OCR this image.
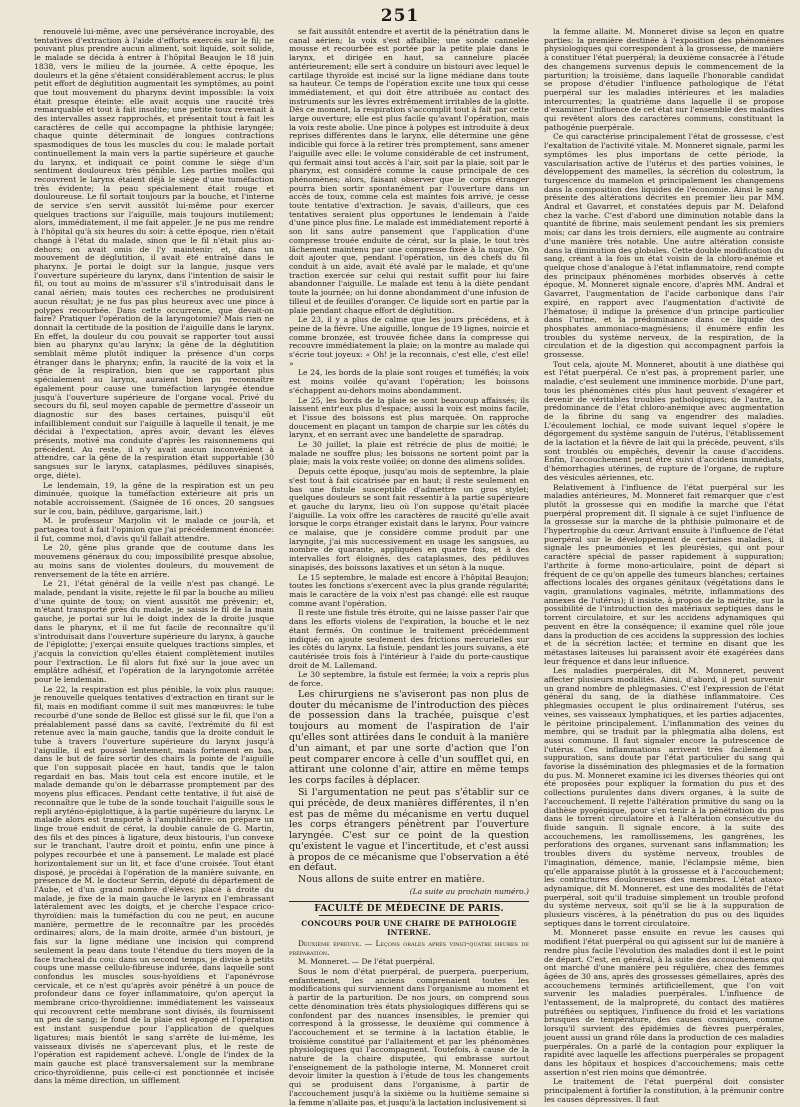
251

renouvelé lui-même, avec une persévérance incroyable, des tentatives d'extraction à l'aide d'efforts exercés sur le fil; ne pouvant plus prendre aucun aliment, soit liquide, soit solide, le malade se décida à entrer à l'hôpital Beaujon le 18 juin 1838, vers le milieu de la journée. A cette époque, les douleurs et la gêne s'étaient considérablement accrus; le plus petit effort de déglutition augmentait les symptômes, au point que tout mouvement du pharynx devint impossible: la voix était presque éteinte: elle avait acquis une raucité très remarquable et tout à fait insolite; une petite toux revenait à des intervalles assez rapprochés, et présentait tout à fait les caractères de celle qui accompagne la phthisie laryngée; chaque quinte déterminait de longues contractions spasmodiques de tous les muscles du cou: le malade portait continuellement la main vers la partie supérieure et gauche du larynx, et indiquait ce point comme le siège d'un sentiment douloureux très pénible. Les parties molles qui recouvrent le larynx étaient déjà le siège d'une tuméfaction très évidente; la peau spécialement était rouge et douloureuse. Le fil sortait toujours par la bouche, et l'interne de service s'en servit aussitôt lui-même pour exercer quelques tractions sur l'aiguille, mais toujours inutilement; alors, immédiatement, il me fait appeler. Je ne pus me rendre à l'hôpital qu'à six heures du soir: à cette époque, rien n'était changé à l'état du malade, sinon que le fil n'était plus au-dehors; on avait omis de l'y maintenir; et, dans un mouvement de déglutition, il avait été entraîné dans le pharynx. Je portai le doigt sur la langue, jusque vers l'ouverture supérieure du larynx, dans l'intention de saisir le fil, ou tout au moins de m'assurer s'il s'introduisait dans le canal aérien; mais toutes ces recherches ne produisirent aucun résultat; je ne fus pas plus heureux avec une pince à polypes recourbée. Dans cette occurrence, que devait-on faire? Pratiquer l'opération de la laryngotomie? Mais rien ne donnait la certitude de la position de l'aiguille dans le larynx. En effet, la douleur du cou pouvait se rapporter tout aussi bien au pharynx qu'au larynx; la gêne de la déglutition semblait même plutôt indiquer la présence d'un corps étranger dans le pharynx; enfin, la raucité de la voix et la gêne de la respiration, bien que se rapportant plus spécialement au larynx, auraient bien pu reconnaître également pour cause une tuméfaction laryngée étendue jusqu'à l'ouverture supérieure de l'organe vocal. Privé du secours du fil, seul moyen capable de permettre d'asseoir un diagnostic sur des bases certaines, puisqu'il eût infailliblement conduit sur l'aiguille à laquelle il tenait, je me décidai à l'expectation, après avoir, devant les élèves présents, motivé ma conduite d'après les raisonnemens qui précèdent. Au reste, il n'y avait aucun inconvénient à attendre, car la gêne de la respiration était supportable (30 sangsues sur le larynx, cataplasmes, pédiluves sinapisés, orge, diète).

Le lendemain, 19, la gêne de la respiration est un peu diminuée, quoique la tuméfaction extérieure ait pris un notable accroissement. (Saignée de 16 onces, 20 sangsues sur le cou, bain, pédiluve, gargarisme, lait.)

M. le professeur Marjolin vit le malade ce jour-là, et partagea tout à fait l'opinion que j'ai précédemment énoncée: il fut, comme moi, d'avis qu'il fallait attendre.

Le 20, gêne plus grande que de coutume dans les mouvemens généraux du cou; impossibilité presque absolue, au moins sans de violentes douleurs, du mouvement de renversement de la tête en arrière.

Le 21, l'état général de la veille n'est pas changé. Le malade, pendant la visite, rejette le fil par la bouche au milieu d'une quinte de toux; on vient aussitôt me prévenir; et, m'étant transporté près du malade, je saisis le fil de la main gauche, je portai sur lui le doigt index de la droite jusque dans le pharynx, et il me fut facile de reconnaître qu'il s'introduisait dans l'ouverture supérieure du larynx, à gauche de l'épiglotte; j'exerçai ensuite quelques tractions simples, et j'acquis la conviction qu'elles étaient complètement inutiles pour l'extraction. Le fil alors fut fixé sur la joue avec un emplâtre adhésif, et l'opération de la laryngotomie arrêtée pour le lendemain.

Le 22, la respiration est plus pénible, la voix plus rauque: je renouvelle quelques tentatives d'extraction en tirant sur le fil, mais en modifiant comme il suit mes manœuvres: le tube recourbé d'une sonde de Belloc est glissé sur le fil, que l'on a préalablement passé dans sa cavité, l'extrémité du fil est retenue avec la main gauche, tandis que la droite conduit le tube à travers l'ouverture supérieure du larynx jusqu'à l'aiguille, il est poussé lentement, mais fortement en bas, dans le but de faire sortir des chairs la pointe de l'aiguille que l'on supposait placée en haut, tandis que le talon regardait en bas. Mais tout cela est encore inutile, et le malade demande qu'on le débarrasse promptement par des moyens plus efficaces. Pendant cette tentative, il fut aisé de reconnaître que le tube de la sonde touchait l'aiguille sous le repli aryténo-épiglottique, à la partie supérieure du larynx. Le malade alors est transporté à l'amphithéâtre: on prépare un linge troué enduit de cérat, la double canule de G. Martin, des fils et des pinces à ligature, deux bistouris, l'un convexe sur le tranchant, l'autre droit et pointu, enfin une pince à polypes recourbée et une à pansement. Le malade est placé horizontalement sur un lit, et face d'une croisée. Tout étant disposé, je procédai à l'opération de la manière suivante, en présence de M. le docteur Serrin, député du département de l'Aube, et d'un grand nombre d'élèves: placé à droite du malade, je fixe de la main gauche le larynx en l'embrassant latéralement avec les doigts, et je cherche l'espace crico-thyroïdien: mais la tuméfaction du cou ne peut, en aucune manière, permettre de le reconnaître par les procédés ordinaires; alors, de la main droite, armée d'un bistouri, je fais sur la ligne médiane une incision qui comprend seulement la peau dans toute l'étendue du tiers moyen de la face tracheal du cou: dans un second temps, je divise à petits coups une masse cellulo-fibreuse indurée, dans laquelle sont confondus les muscles sous-hyoïdiens et l'aponévrose cervicale, et ce n'est qu'après avoir pénétré à un pouce de profondeur dans ce foyer inflammatoire, qu'on aperçut la membrane crico-thyroïdienne: immédiatement les vaisseaux qui recouvrent cette membrane sont divisés, ils fournissent un peu de sang; le fond de la plaie est épongé et l'opération est instant suspendue pour l'application de quelques ligatures; mais bientôt le sang s'arrête de lui-même, les vaisseaux divisés ne s'apercevant plus, et le reste de l'opération est rapidement achevé. L'ongle de l'index de la main gauche est placé transversalement sur la membrane crico-thyroïdienne, puis celle-ci est ponctionnée et incisée dans la même direction, un sifflement

se fait aussitôt entendre et avertit de la pénétration dans le canal aérien; la voix s'est affaiblie; une sonde cannelée mousse et recourbée est portée par la petite plaie dans le larynx, et dirigée en haut, sa cannelure placée antérieurement; elle sert à conduire un bistouri avec lequel le cartilage thyroïde est incisé sur la ligne médiane dans toute sa hauteur. Ce temps de l'opération excite une toux qui cesse immédiatement, et qui doit être attribuée au contact des instruments sur les lèvres extrêmement irritables de la glotte. Dès ce moment, la respiration s'accomplit tout à fait par cette large ouverture; elle est plus facile qu'avant l'opération, mais la voix reste abolie. Une pince à polypes est introduite à deux reprises différentes dans le larynx, elle détermine une gêne indicible qui force à la retirer très promptement, sans amener l'aiguille avec elle: le volume considérable de cet instrument, qui fermait ainsi tout accès à l'air, soit par la plaie, soit par le pharynx, est considéré comme la cause principale de ces phénomènes; alors, faisant observer que le corps étranger pourra bien sortir spontanément par l'ouverture dans un accès de toux, comme cela est maintes fois arrivé, je cesse toute tentative d'extraction. Je savais, d'ailleurs, que ces tentatives seraient plus opportunes le lendemain à l'aide d'une pince plus fine. Le malade est immédiatement reporté à son lit sans autre pansement que l'application d'une compresse trouée enduite de cérat, sur la plaie, le tout très lâchement maintenu par une compresse fixée à la nuque. On doit ajouter que, pendant l'opération, un des chefs du fil conduit à un aide, avait été avalé par le malade, et qu'une traction exercée sur celui qui restait suffit pour lui faire abandonner l'aiguille. Le malade est tenu à la diète pendant toute la journée; on lui donne abondamment d'une infusion de tilleul et de feuilles d'oranger. Ce liquide sort en partie par la plaie pendant chaque effort de déglutition.

Le 23, il y a plus de calme que les jours précédens, et à peine de la fièvre. Une aiguille, longue de 19 lignes, noircie et comme bronzée, est trouvée fichée dans la compresse qui recouvre immédiatement la plaie; on la montre au malade qui s'écrie tout joyeux: « Oh! je la reconnais, c'est elle, c'est elle! »

Le 24, les bords de la plaie sont rouges et tuméfiés; la voix est moins voilée qu'avant l'opération; les boissons s'échappent au-dehors moins abondamment.

Le 25, les bords de la plaie se sont beaucoup affaissés; ils laissent entr'eux plus d'espace; aussi la voix est moins facile, et l'issue des boissons est plus marquée. On rapproche doucement en plaçant un tampon de charpie sur les côtés du larynx, et en serrant avec une bandelette de sparadrap.

Le 30 juillet, la plaie est rétrécie de plus de moitié; le malade ne souffre plus; les boissons ne sortent point par la plaie; mais la voix reste voilée; on donne des alimens solides.

Depuis cette époque, jusqu'au mois de septembre, la plaie s'est tout à fait cicatrisée par en haut; il reste seulement en bas une fistule susceptible d'admettre un gros stylet; quelques douleurs se sont fait ressentir à la partie supérieure et gauche du larynx, lieu où l'on suppose qu'était placée l'aiguille. La voix offre les caractères de raucité qu'elle avait lorsque le corps étranger existait dans le larynx. Pour vaincre ce malaise, que je considère comme produit par une laryngite, j'ai mis successivement en usage les sangsues, au nombre de quarante, appliquées en quatre fois, et à des intervalles fort éloignés, des cataplasmes, des pédiluves sinapisés, des boissons laxatives et un séton à la nuque.

Le 15 septembre, le malade est encore à l'hôpital Beaujon; toutes les fonctions s'exercent avec la plus grande régularité; mais le caractère de la voix n'est pas changé: elle est rauque comme avant l'opération.

Il reste une fistule très étroite, qui ne laisse passer l'air que dans les efforts violens de l'expiration, la bouche et le nez étant fermés. On continue le traitement précédemment indiqué; on ajoute seulement des frictions mercurielles sur les côtés du larynx. La fistule, pendant les jours suivans, a été cautérisée trois fois à l'intérieur à l'aide du porte-caustique droit de M. Lallemand.

Le 30 septembre, la fistule est fermée; la voix a repris plus de force.

Les chirurgiens ne s'aviseront pas non plus de douter du mécanisme de l'introduction des pièces de possession dans la trachée, puisque c'est toujours au moment de l'aspiration de l'air qu'elles sont attirées dans le conduit à la manière d'un aimant, et par une sorte d'action que l'on peut comparer encore à celle d'un soufflet qui, en attirant une colonne d'air, attire en même temps les corps faciles à déplacer.

Si l'argumentation ne peut pas s'établir sur ce qui précède, de deux manières différentes, il n'en est pas de même du mécanisme en vertu duquel les corps étrangers pénètrent par l'ouverture laryngée. C'est sur ce point de la question qu'existent le vague et l'incertitude, et c'est aussi à propos de ce mécanisme que l'observation a été en défaut.

Nous allons de suite entrer en matière.

(La suite au prochain numéro.)
FACULTÉ DE MÉDECINE DE PARIS.
CONCOURS POUR UNE CHAIRE DE PATHOLOGIE INTERNE.

Deuxième épreuve. — Leçons orales après vingt-quatre heures de préparation.

M. Monneret. — De l'état puerpéral.

Sous le nom d'état puerpéral, de puerpera, puerperium, enfantement, les anciens comprenaient toutes les modifications qui surviennent dans l'organisme au moment et à partir de la parturition. De nos jours, on comprend sous cette dénomination très états physiologiques différens qui se confondent par des nuances insensibles, le premier qui correspond à la grossesse, le deuxième qui commence à l'accouchement et se termine à la lactation établie, le troisième constitué par l'allaitement et par les phénomènes physiologiques qui l'accompagnent. Toutefois, à cause de la nature de la chaire disputée, qui embrasse surtout l'enseignement de la pathologie interne, M. Monneret croit devoir limiter la question à l'étude de tous les changements qui se produisent dans l'organisme, à partir de l'accouchement jusqu'à la sixième ou la huitième semaine si la femme n'allaite pas, et jusqu'à la lactation inclusivement si

la femme allaite. M. Monneret divise sa leçon en quatre parties: la première destinée à l'exposition des phénomènes physiologiques qui correspondent à la grossesse, de manière à constituer l'état puerpéral; la deuxième consacrée à l'étude des changemens survenus depuis le commencement de la parturition; la troisième, dans laquelle l'honorable candidat se propose d'étudier l'influence pathologique de l'état puerpéral sur les maladies intérieures et les maladies intercurrentes; la quatrième dans laquelle il se propose d'examiner l'influence de cet état sur l'ensemble des maladies qui revêtent alors des caractères communs, constituant la pathogénie puerpérale.

Ce qui caractérise principalement l'état de grossesse, c'est l'exaltation de l'activité vitale. M. Monneret signale, parmi les symptômes les plus importans de cette période, la vascularisation active de l'utérus et des parties voisines, le développement des mamelles, la sécrétion du colostrum, la turgescence du mamelon et principalement les changemens dans la composition des liquides de l'économie. Ainsi le sang présente des altérations décrites en premier lieu par MM. Andral et Gavarret, et constatées depuis par M. Delafond chez la vache. C'est d'abord une diminution notable dans la quantité de fibrine, mais seulement pendant les six premiers mois; car dans les trois derniers, elle augmente au contraire d'une manière très notable. Une autre altération consiste dans la diminution des globules. Cette double modification du sang, créant à la fois un état voisin de la chloro-anémie et quelque chose d'analogue à l'état inflammatoire, rend compte des principaux phénomènes morbides observés à cette époque. M. Monneret signale encore, d'après MM. Andral et Gavarret, l'augmentation de l'acide carbonique dans l'air expiré, en rapport avec l'augmentation d'activité de l'hématose; il indique la présence d'un principe particulier dans l'urine, et la prédominance dans ce liquide des phosphates ammoniaco-magnésiens; il énumère enfin les troubles du système nerveux, de la respiration, de la circulation et de la digestion qui accompagnent parfois la grossesse.

Tout cela, ajoute M. Monneret, aboutit à une diathèse qui est l'état puerpéral. Ce n'est pas, à proprement parler, une maladie, c'est seulement une imminence morbide. D'une part, tous les phénomènes cités plus haut peuvent s'exagérer et devenir de véritables troubles pathologiques; de l'autre, la prédominance de l'état chloro-anémique avec augmentation de la fibrine du sang va engendrer des maladies. L'écoulement lochial, ce mode suivant lequel s'opère le dégorgement du système sanguin de l'utérus, l'établissement de la lactation et la fièvre de lait qui la précède, peuvent, s'ils sont troublés ou empêchés, devenir la cause d'accidens. Enfin, l'accouchement peut être suivi d'accidens immédiats, d'hémorrhagies utérines, de rupture de l'organe, de rupture des vésicules aériennes, etc.

Relativement à l'influence de l'état puerpéral sur les maladies antérieures, M. Monneret fait remarquer que c'est plutôt la grossesse qui en modifie la marche que l'état puerpéral proprement dit. Il signale à ce sujet l'influence de la grossesse sur la marche de la phthisie pulmonaire et de l'hypertrophie du cœur. Arrivant ensuite à l'influence de l'état puerpéral sur le développement de certaines maladies, il signale les pneumonies et les pleurésies, qui ont pour caractère spécial de passer rapidement à suppuration; l'arthrite à forme mono-articulaire, point de départ si fréquent de ce qu'on appelle des tumeurs blanches; certaines affections locales des organes génitaux (végétations dans le vagin, granulations vaginales, métrite, inflammations des annexes de l'utérus); il insiste, à propos de la métrite, sur la possibilité de l'introduction des matériaux septiques dans le torrent circulatoire, et sur les accidens adynamiques qui peuvent en être la conséquence; il examine quel rôle joue dans la production de ces accidens la suppression des lochies et de la sécrétion lactée; et termine en disant que les métastases laiteuses lui paraissent avoir été exagérées dans leur fréquence et dans leur influence.

Les maladies puerpérales, dit M. Monneret, peuvent affecter plusieurs modalités. Ainsi, d'abord, il peut survenir un grand nombre de phlegmasies. C'est l'expression de l'état général du sang, de la diathèse inflammatoire. Ces phlegmasies occupent le plus ordinairement l'utérus, ses veines, ses vaisseaux lymphatiques, et les parties adjacentes, le péritoine principalement. L'inflammation des veines du membre, qui se traduit par la phlegmatia alba dolens, est aussi commune. Il faut signaler encore la putrescence de l'utérus. Ces inflammations arrivent très facilement à suppuration, sans doute par l'état particulier du sang qui favorise la dissémination des phlegmasies et de la formation du pus. M. Monneret examine ici les diverses théories qui ont été proposées pour expliquer la formation du pus et des collections purulentes dans divers organes, à la suite de l'accouchement. Il rejette l'altération primitive du sang ou la diathèse pyogénique, pour s'en tenir à la pénétration du pus dans le torrent circulatoire et à l'altération consécutive du fluide sanguin. Il signale encore, à la suite des accouchemens, les ramollissemens, les gangrènes, les perforations des organes, survenant sans inflammation; les troubles divers du système nerveux, troubles de l'imagination, démence, manie, l'éclampsie même, bien qu'elle apparaisse plutôt à la grossesse et à l'accouchement; les contractures douloureuses des membres. L'état ataxo-adynamique, dit M. Monneret, est une des modalités de l'état puerpéral, soit qu'il traduise simplement un trouble profond du système nerveux, soit qu'il se lie à la suppuration de plusieurs viscères, à la pénétration du pus ou des liquides septiques dans le torrent circulatoire.

M. Monneret passe ensuite en revue les causes qui modifient l'état puerpéral ou qui agissent sur lui de manière à rendre plus facile l'évolution des maladies dont il est le point de départ. C'est, en général, à la suite des accouchemens qui ont marché d'une manière peu régulière, chez des femmes âgées de 30 ans, après des grossesses gémellaires, après des accouchemens terminés artificiellement, que l'on voit survenir les maladies puerpérales. L'influence de l'entassement, de la malpropreté, du contact des matières putréfiées ou septiques, l'influence du froid et les variations brusques de température, des causes cosmiques, comme lorsqu'il survient des épidémies de fièvres puerpérales, jouent aussi un grand rôle dans la production de ces maladies puerpérales. On a parlé de la contagion pour expliquer la rapidité avec laquelle les affections puerpérales se propagent dans les hôpitaux et hospices d'accouchemens; mais cette assertion n'est rien moins que démontrée.

Le traitement de l'état puerpéral doit consister principalement à fortifier la constitution, à la prémunir contre les causes dépressives. Il faut
